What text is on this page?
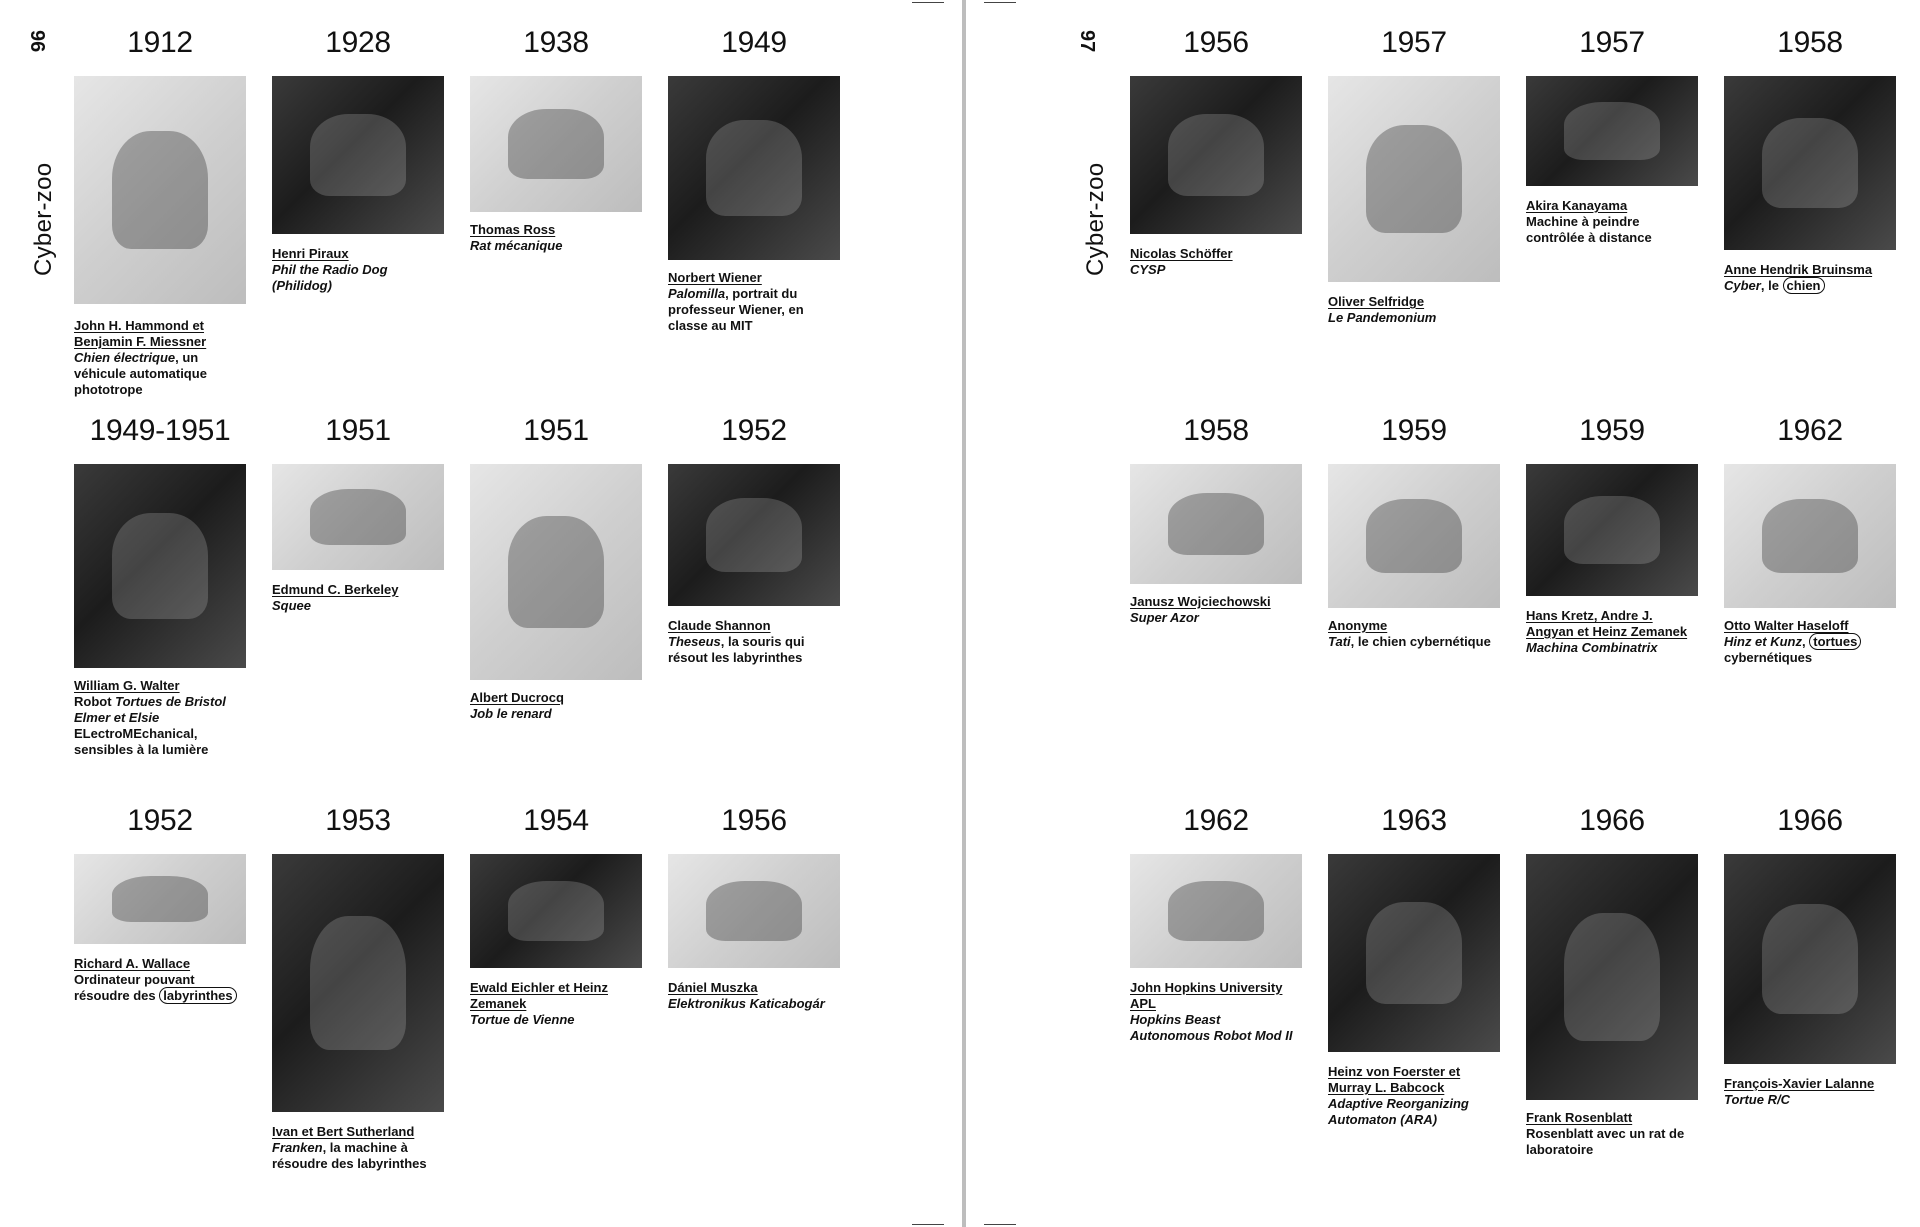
96
Cyber-zoo
1912
John H. Hammond et Benjamin F. Miessner
Chien électrique, un véhicule automatique phototrope
1928
Henri Piraux
Phil the Radio Dog (Philidog)
1938
Thomas Ross
Rat mécanique
1949
Norbert Wiener
Palomilla, portrait du professeur Wiener, en classe au MIT
1949-1951
William G. Walter
Robot Tortues de Bristol Elmer et Elsie
ELectroMEchanical, sensibles à la lumière
1951
Edmund C. Berkeley
Squee
1951
Albert Ducrocq
Job le renard
1952
Claude Shannon
Theseus, la souris qui résout les labyrinthes
1952
Richard A. Wallace
Ordinateur pouvant résoudre des labyrinthes
1953
Ivan et Bert Sutherland
Franken, la machine à résoudre des labyrinthes
1954
Ewald Eichler et Heinz Zemanek
Tortue de Vienne
1956
Dániel Muszka
Elektronikus Katicabogár
97
Cyber-zoo
1956
Nicolas Schöffer
CYSP
1957
Oliver Selfridge
Le Pandemonium
1957
Akira Kanayama
Machine à peindre contrôlée à distance
1958
Anne Hendrik Bruinsma
Cyber, le chien
1958
Janusz Wojciechowski
Super Azor
1959
Anonyme
Tati, le chien cybernétique
1959
Hans Kretz, Andre J. Angyan et Heinz Zemanek
Machina Combinatrix
1962
Otto Walter Haseloff
Hinz et Kunz, tortues cybernétiques
1962
John Hopkins University APL
Hopkins Beast Autonomous Robot Mod II
1963
Heinz von Foerster et Murray L. Babcock
Adaptive Reorganizing Automaton (ARA)
1966
Frank Rosenblatt
Rosenblatt avec un rat de laboratoire
1966
François-Xavier Lalanne
Tortue R/C
